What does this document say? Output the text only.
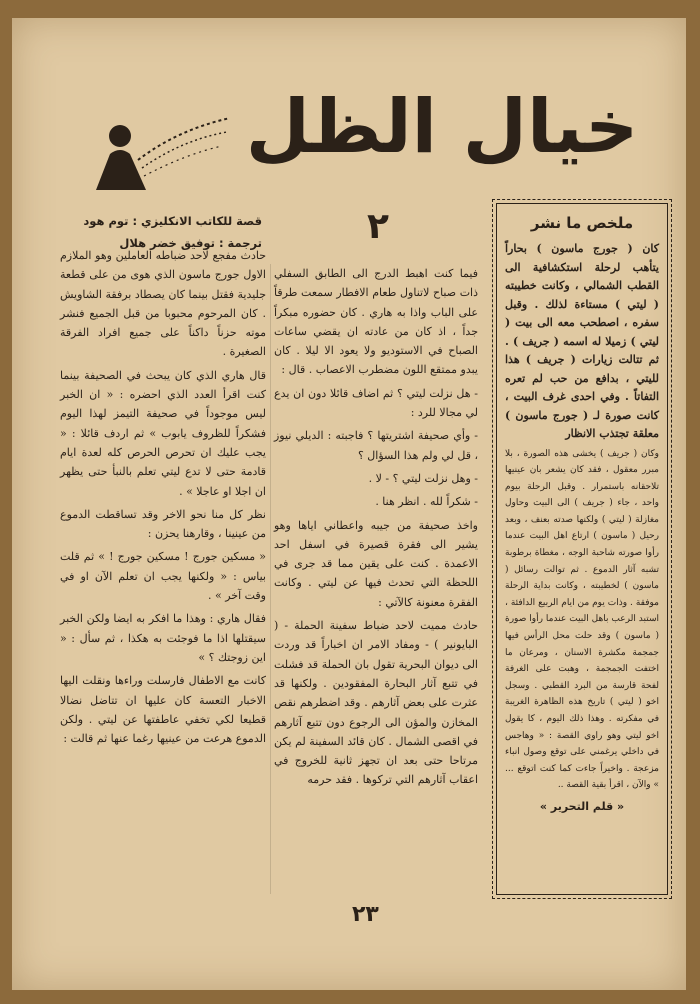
خيال الظل
٢
قصة للكاتب الانكليزي : توم هود
ترجمة : توفيق خضر هلال
ملخص ما نشر
كان ( جورج ماسون ) بحاراً يتأهب لرحلة استكشافية الى القطب الشمالي ، وكانت خطيبته ( ليتي ) مستاءة لذلك . وقبل سفره ، اصطحب معه الى بيت ( ليتي ) زميلا له اسمه ( جريف ) . ثم تتالت زيارات ( جريف ) هذا لليتي ، بدافع من حب لم تعره التفاتاً . وفي احدى غرف البيت ، كانت صورة لـ ( جورج ماسون ) معلقة تجتذب الانظار
وكان ( جريف ) يخشى هذه الصورة ، بلا مبرر معقول ، فقد كان يشعر بان عينيها تلاحقانه باستمرار . وقبل الرحلة بيوم واحد ، جاء ( جريف ) الى البيت وحاول مغازلة ( ليتي ) ولكنها صدته بعنف ، وبعد رحيل ( ماسون ) ارتاع اهل البيت عندما رأوا صورته شاحبة الوجه ، مغطاة برطوبة تشبه آثار الدموع . ثم توالت رسائل ( ماسون ) لخطيبته ، وكانت بداية الرحلة موفقة . وذات يوم من ايام الربيع الدافئة ، استبد الرعب باهل البيت عندما رأوا صورة ( ماسون ) وقد حلت محل الرأس فيها جمجمة مكشرة الاسنان ، ومرعان ما اختفت الجمجمة ، وهبت على الغرفة لفحة قارسة من البرد القطبي . وسجل اخو ( ليتي ) تاريخ هذه الظاهرة الغريبة في مفكرته . وهذا ذلك اليوم ، كا يقول اخو ليتي وهو راوي القصة : « وهاجس في داخلي يرغمني على توقع وصول انباء مزعجة . واخيراً جاءت كما كنت اتوقع ... » والآن ، اقرأ بقية القصة ..
« قلم التحرير »

فيما كنت اهبط الدرج الى الطابق السفلي ذات صباح لاتناول طعام الافطار سمعت طرقاً على الباب واذا به هاري . كان حضوره مبكراً جداً ، اذ كان من عادته ان يقضي ساعات الصباح في الاستوديو ولا يعود الا ليلا . كان يبدو ممتقع اللون مضطرب الاعصاب . قال :

- هل نزلت ليتي ؟ ثم اضاف قائلا دون ان يدع لي مجالا للرد :

- وأي صحيفة اشتريتها ؟ فاجبته : الديلي نيوز ، قل لي ولم هذا السؤال ؟

- وهل نزلت ليتي ؟ - لا .

- شكراً لله . انظر هنا .

واخذ صحيفة من جيبه واعطاني اياها وهو يشير الى فقرة قصيرة في اسفل احد الاعمدة . كنت على يقين مما قد جرى في اللحظة التي تحدث فيها عن ليتي . وكانت الفقرة معنونة كالآتي :

حادث مميت لاحد ضباط سفينة الحملة - ( البايونير ) - ومفاد الامر ان اخباراً قد وردت الى ديوان البحرية تقول بان الحملة قد فشلت في تتبع آثار البحارة المفقودين . ولكنها قد عثرت على بعض آثارهم . وقد اضطرهم نقص المخازن والمؤن الى الرجوع دون تتبع آثارهم في اقصى الشمال . كان قائد السفينة لم يكن مرتاحا حتى بعد ان تجهز ثانية للخروج في اعقاب آثارهم التي تركوها . فقد حرمه

حادث مفجع لاحد ضباطه العاملين وهو الملازم الاول جورج ماسون الذي هوى من على قطعة جليدية فقتل بينما كان يصطاد برفقة الشاويش . كان المرحوم محبوبا من قبل الجميع فنشر موته حزناً داكناً على جميع افراد الفرقة الصغيرة .

قال هاري الذي كان يبحث في الصحيفة بينما كنت اقرأ العدد الذي احضره : « ان الخبر ليس موجوداً في صحيفة التيمز لهذا اليوم فشكراً للظروف يابوب » ثم اردف قائلا : « يجب عليك ان تحرص الحرص كله لعدة ايام قادمة حتى لا تدع ليتي تعلم بالنبأ حتى يظهر ان اجلا او عاجلا » .

نظر كل منا نحو الاخر وقد تساقطت الدموع من عينينا ، وقارهنا يحزن :

« مسكين جورج ! مسكين جورج ! » ثم قلت بياس : « ولكنها يجب ان تعلم الآن او في وقت آخر » .

فقال هاري : وهذا ما افكر به ايضا ولكن الخبر سيقتلها اذا ما فوجئت به هكذا ، ثم سأل : « اين زوجتك ؟ »

كانت مع الاطفال فارسلت وراءها ونقلت اليها الاخبار التعسة كان عليها ان تتاضل نضالا قطيعا لكي تخفي عاطفتها عن ليتي . ولكن الدموع هرعت من عينيها رغما عنها ثم قالت :

٢٣
